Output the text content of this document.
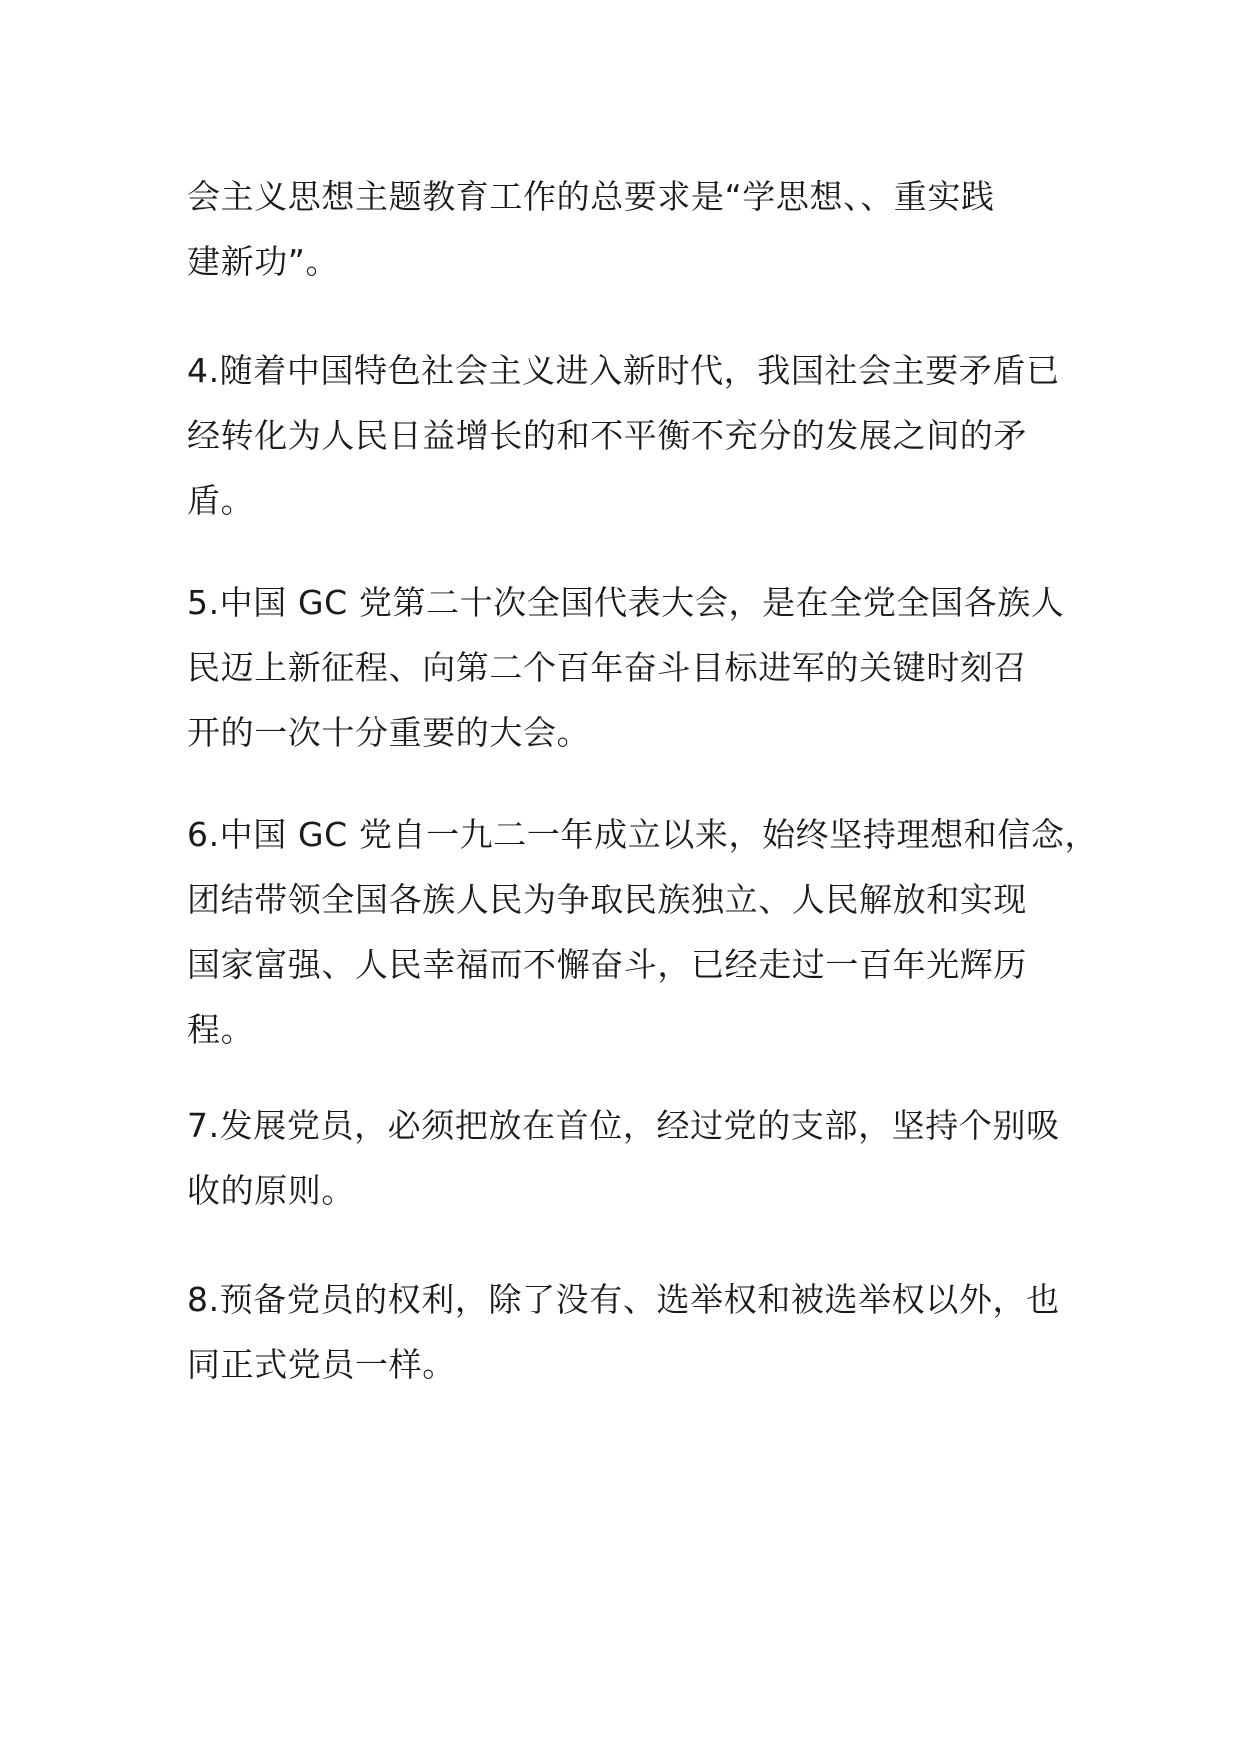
会主义思想主题教育工作的总要求是“学思想、、重实践
建新功”。
4.随着中国特色社会主义进入新时代，我国社会主要矛盾已
经转化为人民日益增长的和不平衡不充分的发展之间的矛
盾。
5.中国 GC 党第二十次全国代表大会，是在全党全国各族人
民迈上新征程、向第二个百年奋斗目标进军的关键时刻召
开的一次十分重要的大会。
6.中国 GC 党自一九二一年成立以来，始终坚持理想和信念，
团结带领全国各族人民为争取民族独立、人民解放和实现
国家富强、人民幸福而不懈奋斗，已经走过一百年光辉历
程。
7.发展党员，必须把放在首位，经过党的支部，坚持个别吸
收的原则。
8.预备党员的权利，除了没有、选举权和被选举权以外，也
同正式党员一样。
